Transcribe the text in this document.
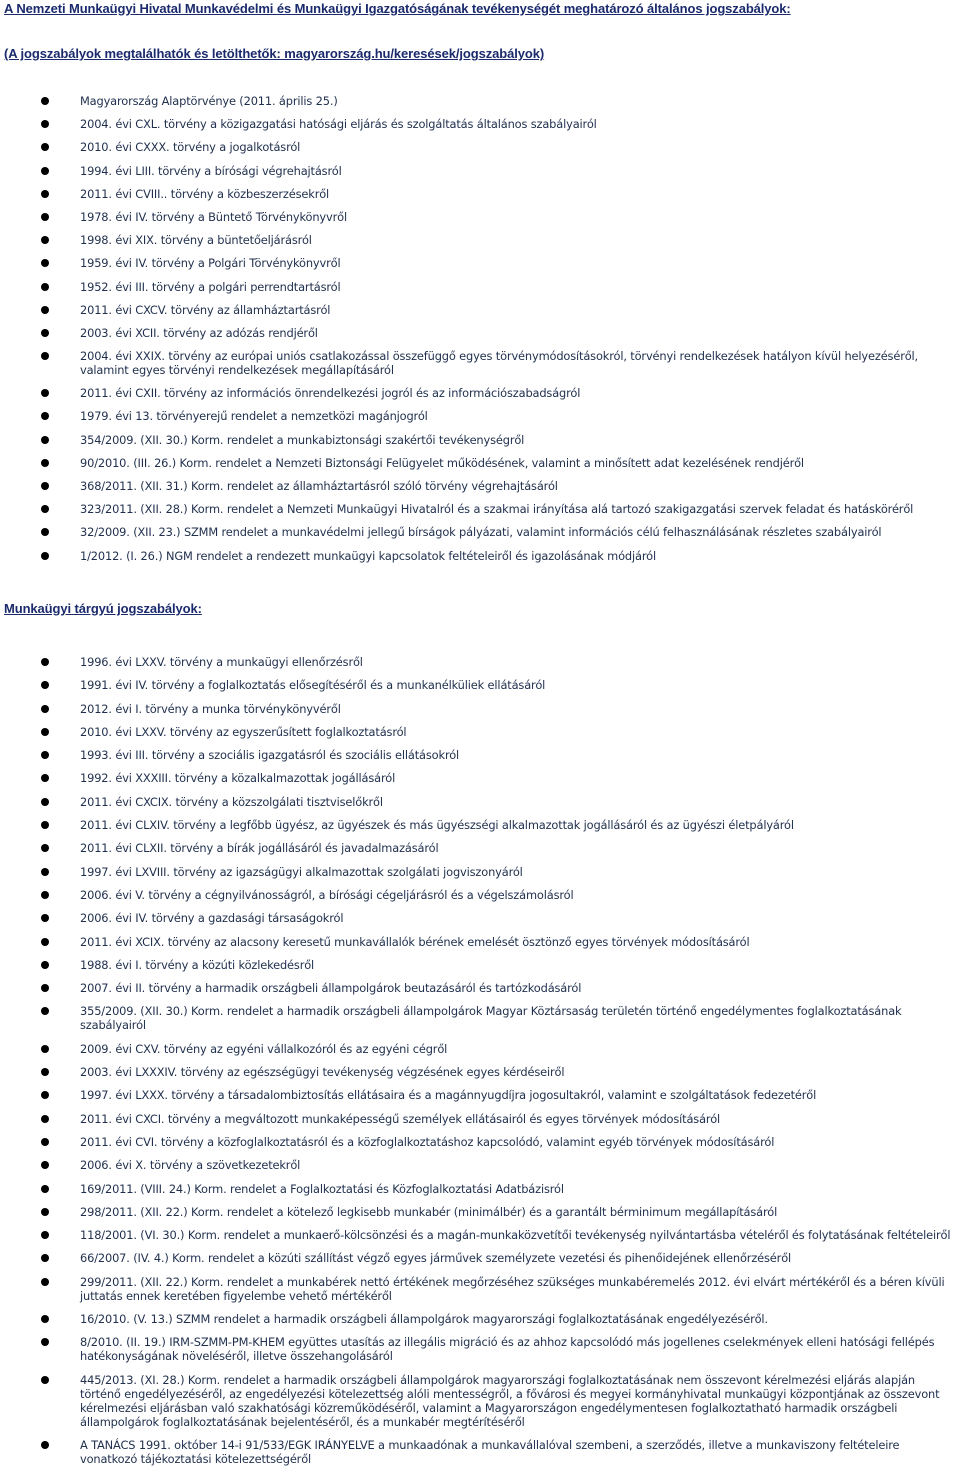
A Nemzeti Munkaügyi Hivatal Munkavédelmi és Munkaügyi Igazgatóságának tevékenységét meghatározó általános jogszabályok:
(A jogszabályok megtalálhatók és letölthetők: magyarország.hu/keresések/jogszabályok)
Magyarország Alaptörvénye (2011. április 25.)
2004. évi CXL. törvény a közigazgatási hatósági eljárás és szolgáltatás általános szabályairól
2010. évi CXXX. törvény a jogalkotásról
1994. évi LIII. törvény a bírósági végrehajtásról
2011. évi CVIII.. törvény a közbeszerzésekről
1978. évi IV. törvény a Büntető Törvénykönyvről
1998. évi XIX. törvény a büntetőeljárásról
1959. évi IV. törvény a Polgári Törvénykönyvről
1952. évi III. törvény a polgári perrendtartásról
2011. évi CXCV. törvény az államháztartásról
2003. évi XCII. törvény az adózás rendjéről
2004. évi XXIX. törvény az európai uniós csatlakozással összefüggő egyes törvénymódosításokról, törvényi rendelkezések hatályon kívül helyezéséről, valamint egyes törvényi rendelkezések megállapításáról
2011. évi CXII. törvény az információs önrendelkezési jogról és az információszabadságról
1979. évi 13. törvényerejű rendelet a nemzetközi magánjogról
354/2009. (XII. 30.) Korm. rendelet a munkabiztonsági szakértői tevékenységről
90/2010. (III. 26.) Korm. rendelet a Nemzeti Biztonsági Felügyelet működésének, valamint a minősített adat kezelésének rendjéről
368/2011. (XII. 31.) Korm. rendelet az államháztartásról szóló törvény végrehajtásáról
323/2011. (XII. 28.) Korm. rendelet a Nemzeti Munkaügyi Hivatalról és a szakmai irányítása alá tartozó szakigazgatási szervek feladat és hatásköréről
32/2009. (XII. 23.) SZMM rendelet a munkavédelmi jellegű bírságok pályázati, valamint információs célú felhasználásának részletes szabályairól
1/2012. (I. 26.) NGM rendelet a rendezett munkaügyi kapcsolatok feltételeiről és igazolásának módjáról
Munkaügyi tárgyú jogszabályok:
1996. évi LXXV. törvény a munkaügyi ellenőrzésről
1991. évi IV. törvény a foglalkoztatás elősegítéséről és a munkanélküliek ellátásáról
2012. évi I. törvény a munka törvénykönyvéről
2010. évi LXXV. törvény az egyszerűsített foglalkoztatásról
1993. évi III. törvény a szociális igazgatásról és szociális ellátásokról
1992. évi XXXIII. törvény a közalkalmazottak jogállásáról
2011. évi CXCIX. törvény a közszolgálati tisztviselőkről
2011. évi CLXIV. törvény a legfőbb ügyész, az ügyészek és más ügyészségi alkalmazottak jogállásáról és az ügyészi életpályáról
2011. évi CLXII. törvény a bírák jogállásáról és javadalmazásáról
1997. évi LXVIII. törvény az igazságügyi alkalmazottak szolgálati jogviszonyáról
2006. évi V. törvény a cégnyilvánosságról, a bírósági cégeljárásról és a végelszámolásról
2006. évi IV. törvény a gazdasági társaságokról
2011. évi XCIX. törvény az alacsony keresetű munkavállalók bérének emelését ösztönző egyes törvények módosításáról
1988. évi I. törvény a közúti közlekedésről
2007. évi II. törvény a harmadik országbeli állampolgárok beutazásáról és tartózkodásáról
355/2009. (XII. 30.) Korm. rendelet a harmadik országbeli állampolgárok Magyar Köztársaság területén történő engedélymentes foglalkoztatásának szabályairól
2009. évi CXV. törvény az egyéni vállalkozóról és az egyéni cégről
2003. évi LXXXIV. törvény az egészségügyi tevékenység végzésének egyes kérdéseiről
1997. évi LXXX. törvény a társadalombiztosítás ellátásaira és a magánnyugdíjra jogosultakról, valamint e szolgáltatások fedezetéről
2011. évi CXCI. törvény a megváltozott munkaképességű személyek ellátásairól és egyes törvények módosításáról
2011. évi CVI. törvény a közfoglalkoztatásról és a közfoglalkoztatáshoz kapcsolódó, valamint egyéb törvények módosításáról
2006. évi X. törvény a szövetkezetekről
169/2011. (VIII. 24.) Korm. rendelet a Foglalkoztatási és Közfoglalkoztatási Adatbázisról
298/2011. (XII. 22.) Korm. rendelet a kötelező legkisebb munkabér (minimálbér) és a garantált bérminimum megállapításáról
118/2001. (VI. 30.) Korm. rendelet a munkaerő-kölcsönzési és a magán-munkaközvetítői tevékenység nyilvántartásba vételéről és folytatásának feltételeiről
66/2007. (IV. 4.) Korm. rendelet a közúti szállítást végző egyes járművek személyzete vezetési és pihenőidejének ellenőrzéséről
299/2011. (XII. 22.) Korm. rendelet a munkabérek nettó értékének megőrzéséhez szükséges munkabéremelés 2012. évi elvárt mértékéről és a béren kívüli juttatás ennek keretében figyelembe vehető mértékéről
16/2010. (V. 13.) SZMM rendelet a harmadik országbeli állampolgárok magyarországi foglalkoztatásának engedélyezéséről.
8/2010. (II. 19.) IRM-SZMM-PM-KHEM együttes utasítás az illegális migráció és az ahhoz kapcsolódó más jogellenes cselekmények elleni hatósági fellépés hatékonyságának növeléséről, illetve összehangolásáról
445/2013. (XI. 28.) Korm. rendelet a harmadik országbeli állampolgárok magyarországi foglalkoztatásának nem összevont kérelmezési eljárás alapján történő engedélyezéséről, az engedélyezési kötelezettség alóli mentességről, a fővárosi és megyei kormányhivatal munkaügyi központjának az összevont kérelmezési eljárásban való szakhatósági közreműködéséről, valamint a Magyarországon engedélymentesen foglalkoztatható harmadik országbeli állampolgárok foglalkoztatásának bejelentéséről, és a munkabér megtérítéséről
A TANÁCS 1991. október 14-i 91/533/EGK IRÁNYELVE a munkaadónak a munkavállalóval szembeni, a szerződés, illetve a munkaviszony feltételeire vonatkozó tájékoztatási kötelezettségéről
